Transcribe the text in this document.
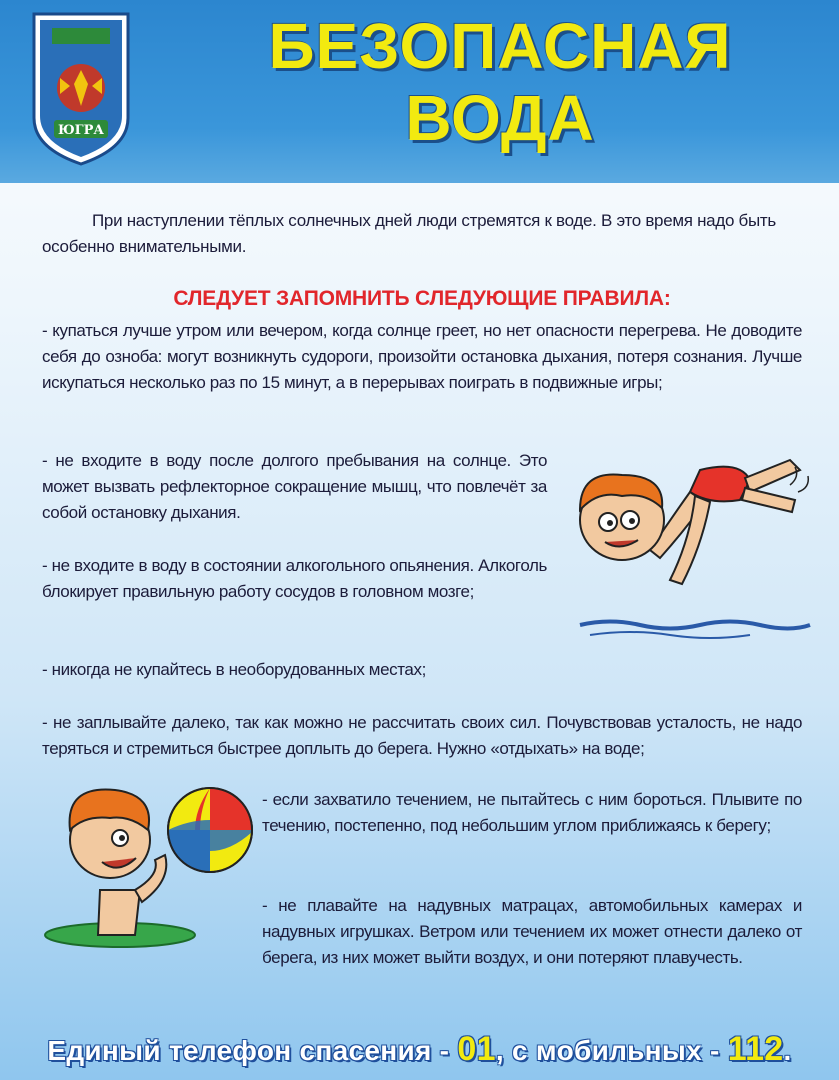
ЮГРА
БЕЗОПАСНАЯ
ВОДА
При наступлении тёплых солнечных дней люди стремятся к воде. В это время надо быть особенно внимательными.
СЛЕДУЕТ ЗАПОМНИТЬ СЛЕДУЮЩИЕ ПРАВИЛА:
- купаться лучше утром или вечером, когда солнце греет, но нет опасности перегрева. Не доводите себя до озноба: могут возникнуть судороги, произойти остановка дыхания, потеря сознания. Лучше искупаться несколько раз по 15 минут, а в перерывах поиграть в подвижные игры;
- не входите в воду после долгого пребывания на солнце. Это может вызвать рефлекторное сокращение мышц, что повлечёт за собой остановку дыхания.
- не входите в воду в состоянии алкогольного опьянения. Алкоголь блокирует правильную работу сосудов в головном мозге;
- никогда не купайтесь в необорудованных местах;
- не заплывайте далеко, так как можно не рассчитать своих сил. Почувствовав усталость, не надо теряться и стремиться быстрее доплыть до берега. Нужно «отдыхать» на воде;
- если захватило течением, не пытайтесь с ним бороться. Плывите по течению, постепенно, под небольшим углом приближаясь к берегу;
- не плавайте на надувных матрацах, автомобильных камерах и надувных игрушках. Ветром или течением их может отнести далеко от берега, из них может выйти воздух, и они потеряют плавучесть.
Единый телефон спасения - 01, с мобильных - 112.
